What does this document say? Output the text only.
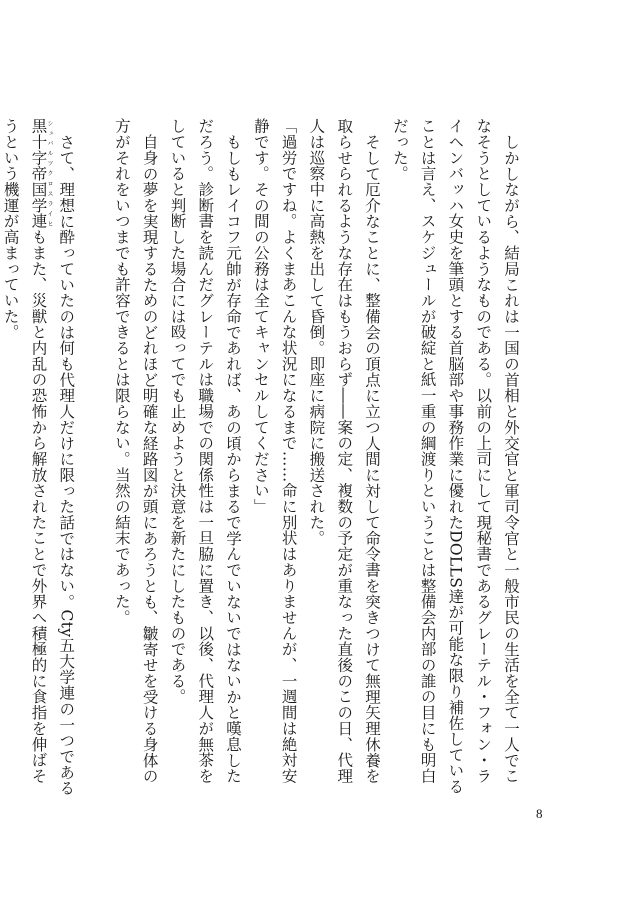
しかしながら、結局これは一国の首相と外交官と軍司令官と一般市民の生活を全て一人でこなそうとしているようなものである。以前の上司にして現秘書であるグレーテル・フォン・ライヘンバッハ女史を筆頭とする首脳部や事務作業に優れたDOLLS達が可能な限り補佐していることは言え、スケジュールが破綻と紙一重の綱渡りということは整備会内部の誰の目にも明白だった。

そして厄介なことに、整備会の頂点に立つ人間に対して命令書を突きつけて無理矢理休養を取らせられるような存在はもうおらず――案の定、複数の予定が重なった直後のこの日、代理人は巡察中に高熱を出して昏倒。即座に病院に搬送された。

「過労ですね。よくまあこんな状況になるまで……命に別状はありませんが、一週間は絶対安静です。その間の公務は全てキャンセルしてください」

もしもレイコフ元帥が存命であれば、あの頃からまるで学んでいないではないかと嘆息しただろう。診断書を読んだグレーテルは職場での関係性は一旦脇に置き、以後、代理人が無茶をしていると判断した場合には殴ってでも止めようと決意を新たにしたものである。

自身の夢を実現するためのどれほど明確な経路図が頭にあろうとも、皺寄せを受ける身体の方がそれをいつまでも許容できるとは限らない。当然の結末であった。

さて、理想に酔っていたのは何も代理人だけに限った話ではない。Cty五大学連の一つである黒十字帝国学連シュバルツクロスライヒもまた、災獣と内乱の恐怖から解放されたことで外界へ積極的に食指を伸ばそうという機運が高まっていた。

8
